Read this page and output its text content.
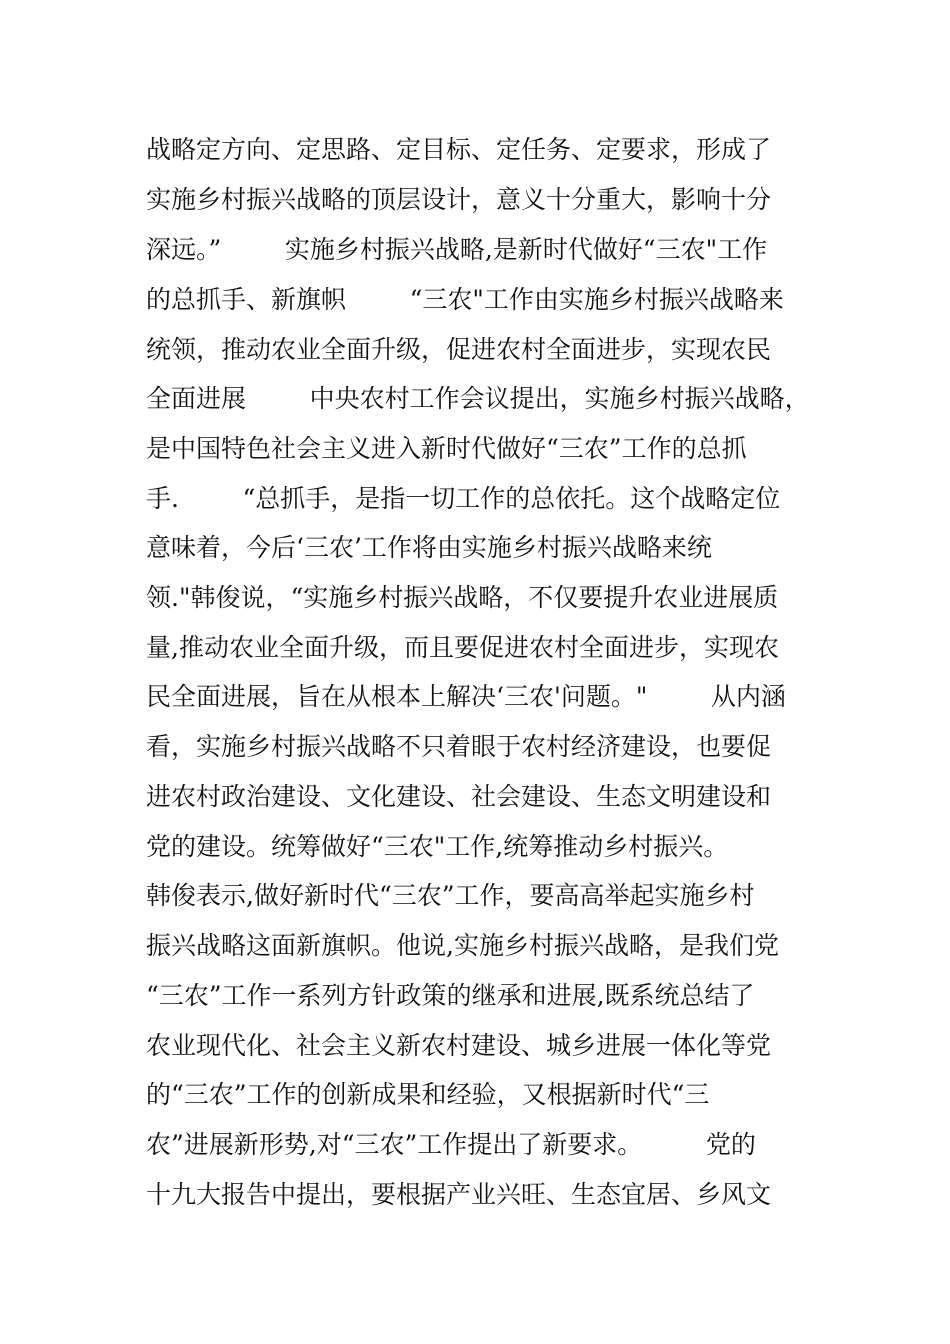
战略定方向、定思路、定目标、定任务、定要求，形成了
实施乡村振兴战略的顶层设计，意义十分重大，影响十分
深远。”        实施乡村振兴战略,是新时代做好“三农"工作
的总抓手、新旗帜        “三农"工作由实施乡村振兴战略来
统领，推动农业全面升级，促进农村全面进步，实现农民
全面进展        中央农村工作会议提出，实施乡村振兴战略，
是中国特色社会主义进入新时代做好“三农”工作的总抓
手.        “总抓手，是指一切工作的总依托。这个战略定位
意味着，今后‘三农’工作将由实施乡村振兴战略来统
领."韩俊说，“实施乡村振兴战略，不仅要提升农业进展质
量,推动农业全面升级，而且要促进农村全面进步，实现农
民全面进展，旨在从根本上解决‘三农'问题。"        从内涵
看，实施乡村振兴战略不只着眼于农村经济建设，也要促
进农村政治建设、文化建设、社会建设、生态文明建设和
党的建设。统筹做好“三农"工作,统筹推动乡村振兴。
韩俊表示,做好新时代“三农”工作，要高高举起实施乡村
振兴战略这面新旗帜。他说,实施乡村振兴战略，是我们党
“三农”工作一系列方针政策的继承和进展,既系统总结了
农业现代化、社会主义新农村建设、城乡进展一体化等党
的“三农”工作的创新成果和经验，又根据新时代“三
农”进展新形势,对“三农”工作提出了新要求。        党的
十九大报告中提出，要根据产业兴旺、生态宜居、乡风文
